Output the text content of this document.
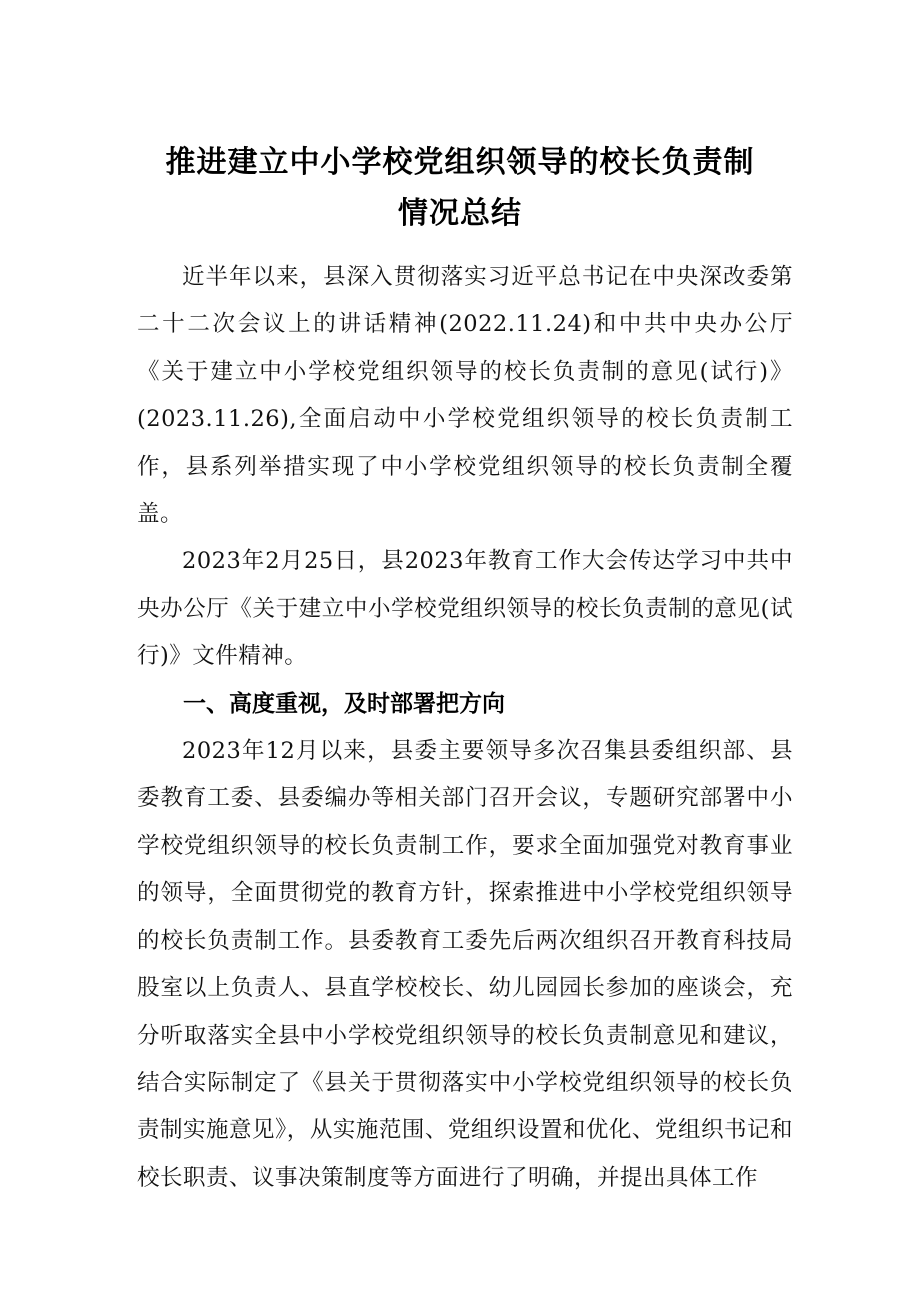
推进建立中小学校党组织领导的校长负责制
情况总结

近半年以来，县深入贯彻落实习近平总书记在中央深改委第二十二次会议上的讲话精神(2022.11.24)和中共中央办公厅《关于建立中小学校党组织领导的校长负责制的意见(试行)》(2023.11.26),全面启动中小学校党组织领导的校长负责制工作，县系列举措实现了中小学校党组织领导的校长负责制全覆盖。

2023年2月25日，县2023年教育工作大会传达学习中共中央办公厅《关于建立中小学校党组织领导的校长负责制的意见(试行)》文件精神。

一、高度重视，及时部署把方向

2023年12月以来，县委主要领导多次召集县委组织部、县委教育工委、县委编办等相关部门召开会议，专题研究部署中小学校党组织领导的校长负责制工作，要求全面加强党对教育事业的领导，全面贯彻党的教育方针，探索推进中小学校党组织领导的校长负责制工作。县委教育工委先后两次组织召开教育科技局股室以上负责人、县直学校校长、幼儿园园长参加的座谈会，充分听取落实全县中小学校党组织领导的校长负责制意见和建议，结合实际制定了《县关于贯彻落实中小学校党组织领导的校长负责制实施意见》，从实施范围、党组织设置和优化、党组织书记和校长职责、议事决策制度等方面进行了明确，并提出具体工作
